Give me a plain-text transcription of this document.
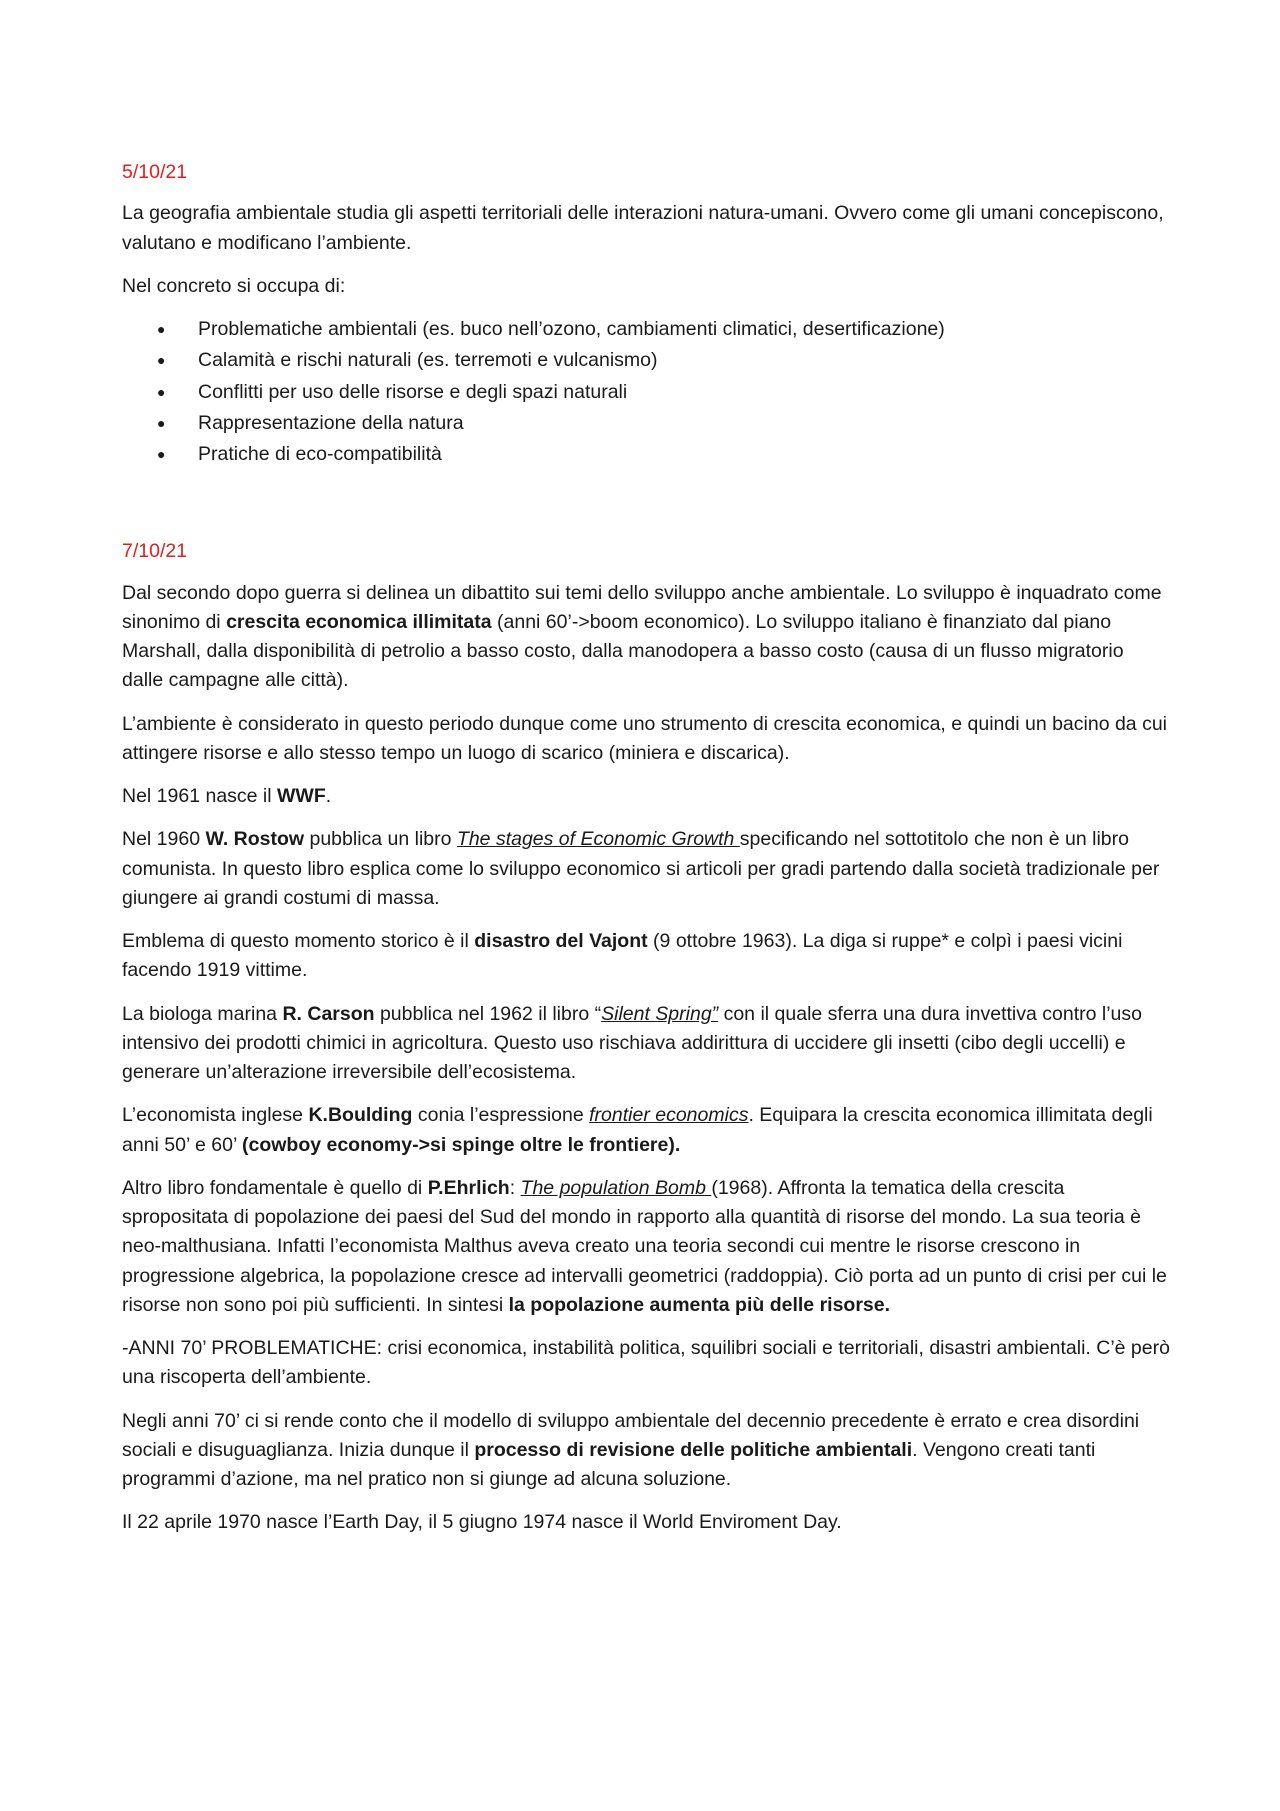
5/10/21

La geografia ambientale studia gli aspetti territoriali delle interazioni natura-umani. Ovvero come gli umani concepiscono, valutano e modificano l’ambiente.

Nel concreto si occupa di:

● Problematiche ambientali (es. buco nell’ozono, cambiamenti climatici, desertificazione)
● Calamità e rischi naturali (es. terremoti e vulcanismo)
● Conflitti per uso delle risorse e degli spazi naturali
● Rappresentazione della natura
● Pratiche di eco-compatibilità

7/10/21

Dal secondo dopo guerra si delinea un dibattito sui temi dello sviluppo anche ambientale. Lo sviluppo è inquadrato come sinonimo di crescita economica illimitata (anni 60’->boom economico). Lo sviluppo italiano è finanziato dal piano Marshall, dalla disponibilità di petrolio a basso costo, dalla manodopera a basso costo (causa di un flusso migratorio dalle campagne alle città).

L’ambiente è considerato in questo periodo dunque come uno strumento di crescita economica, e quindi un bacino da cui attingere risorse e allo stesso tempo un luogo di scarico (miniera e discarica).

Nel 1961 nasce il WWF.

Nel 1960 W. Rostow pubblica un libro The stages of Economic Growth specificando nel sottotitolo che non è un libro comunista. In questo libro esplica come lo sviluppo economico si articoli per gradi partendo dalla società tradizionale per giungere ai grandi costumi di massa.

Emblema di questo momento storico è il disastro del Vajont (9 ottobre 1963). La diga si ruppe* e colpì i paesi vicini facendo 1919 vittime.

La biologa marina R. Carson pubblica nel 1962 il libro “Silent Spring” con il quale sferra una dura invettiva contro l’uso intensivo dei prodotti chimici in agricoltura. Questo uso rischiava addirittura di uccidere gli insetti (cibo degli uccelli) e generare un’alterazione irreversibile dell’ecosistema.

L’economista inglese K.Boulding conia l’espressione frontier economics. Equipara la crescita economica illimitata degli anni 50’ e 60’ (cowboy economy->si spinge oltre le frontiere).

Altro libro fondamentale è quello di P.Ehrlich: The population Bomb (1968). Affronta la tematica della crescita spropositata di popolazione dei paesi del Sud del mondo in rapporto alla quantità di risorse del mondo. La sua teoria è neo-malthusiana. Infatti l’economista Malthus aveva creato una teoria secondi cui mentre le risorse crescono in progressione algebrica, la popolazione cresce ad intervalli geometrici (raddoppia). Ciò porta ad un punto di crisi per cui le risorse non sono poi più sufficienti. In sintesi la popolazione aumenta più delle risorse.

-ANNI 70’ PROBLEMATICHE: crisi economica, instabilità politica, squilibri sociali e territoriali, disastri ambientali. C’è però una riscoperta dell’ambiente.

Negli anni 70’ ci si rende conto che il modello di sviluppo ambientale del decennio precedente è errato e crea disordini sociali e disuguaglianza. Inizia dunque il processo di revisione delle politiche ambientali. Vengono creati tanti programmi d’azione, ma nel pratico non si giunge ad alcuna soluzione.

Il 22 aprile 1970 nasce l’Earth Day, il 5 giugno 1974 nasce il World Enviroment Day.
